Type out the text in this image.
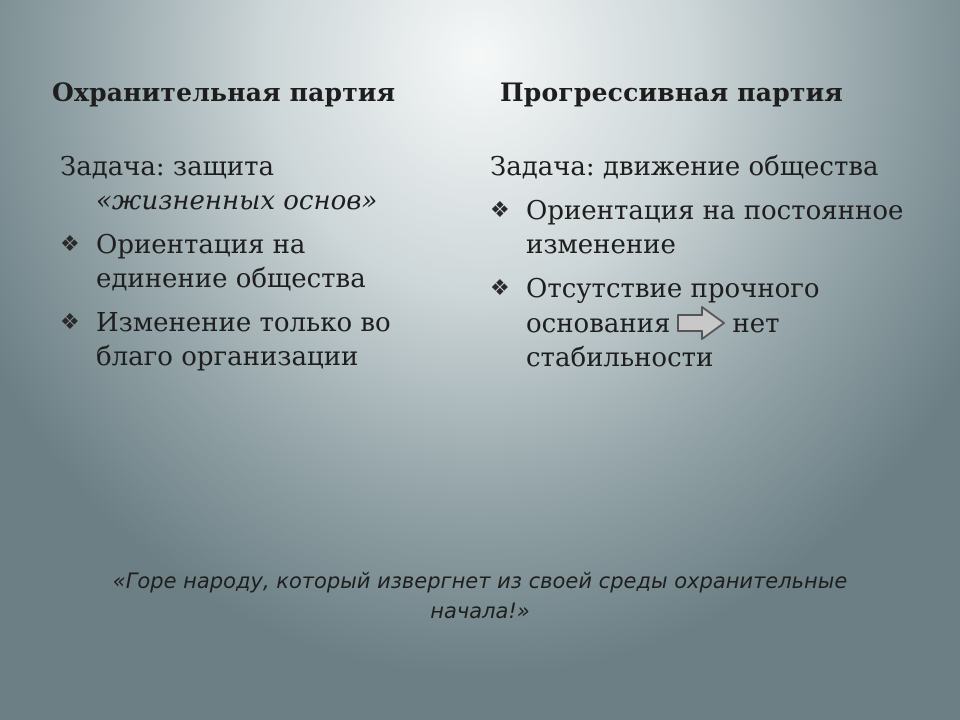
Охранительная партия	Прогрессивная партия
Задача: защита
«жизненных основ»
❖ Ориентация на единение общества
❖ Изменение только во благо организации
Задача: движение общества
❖ Ориентация на постоянное изменение
❖ Отсутствие прочного основания нет стабильности
«Горе народу, который извергнет из своей среды охранительные начала!»
